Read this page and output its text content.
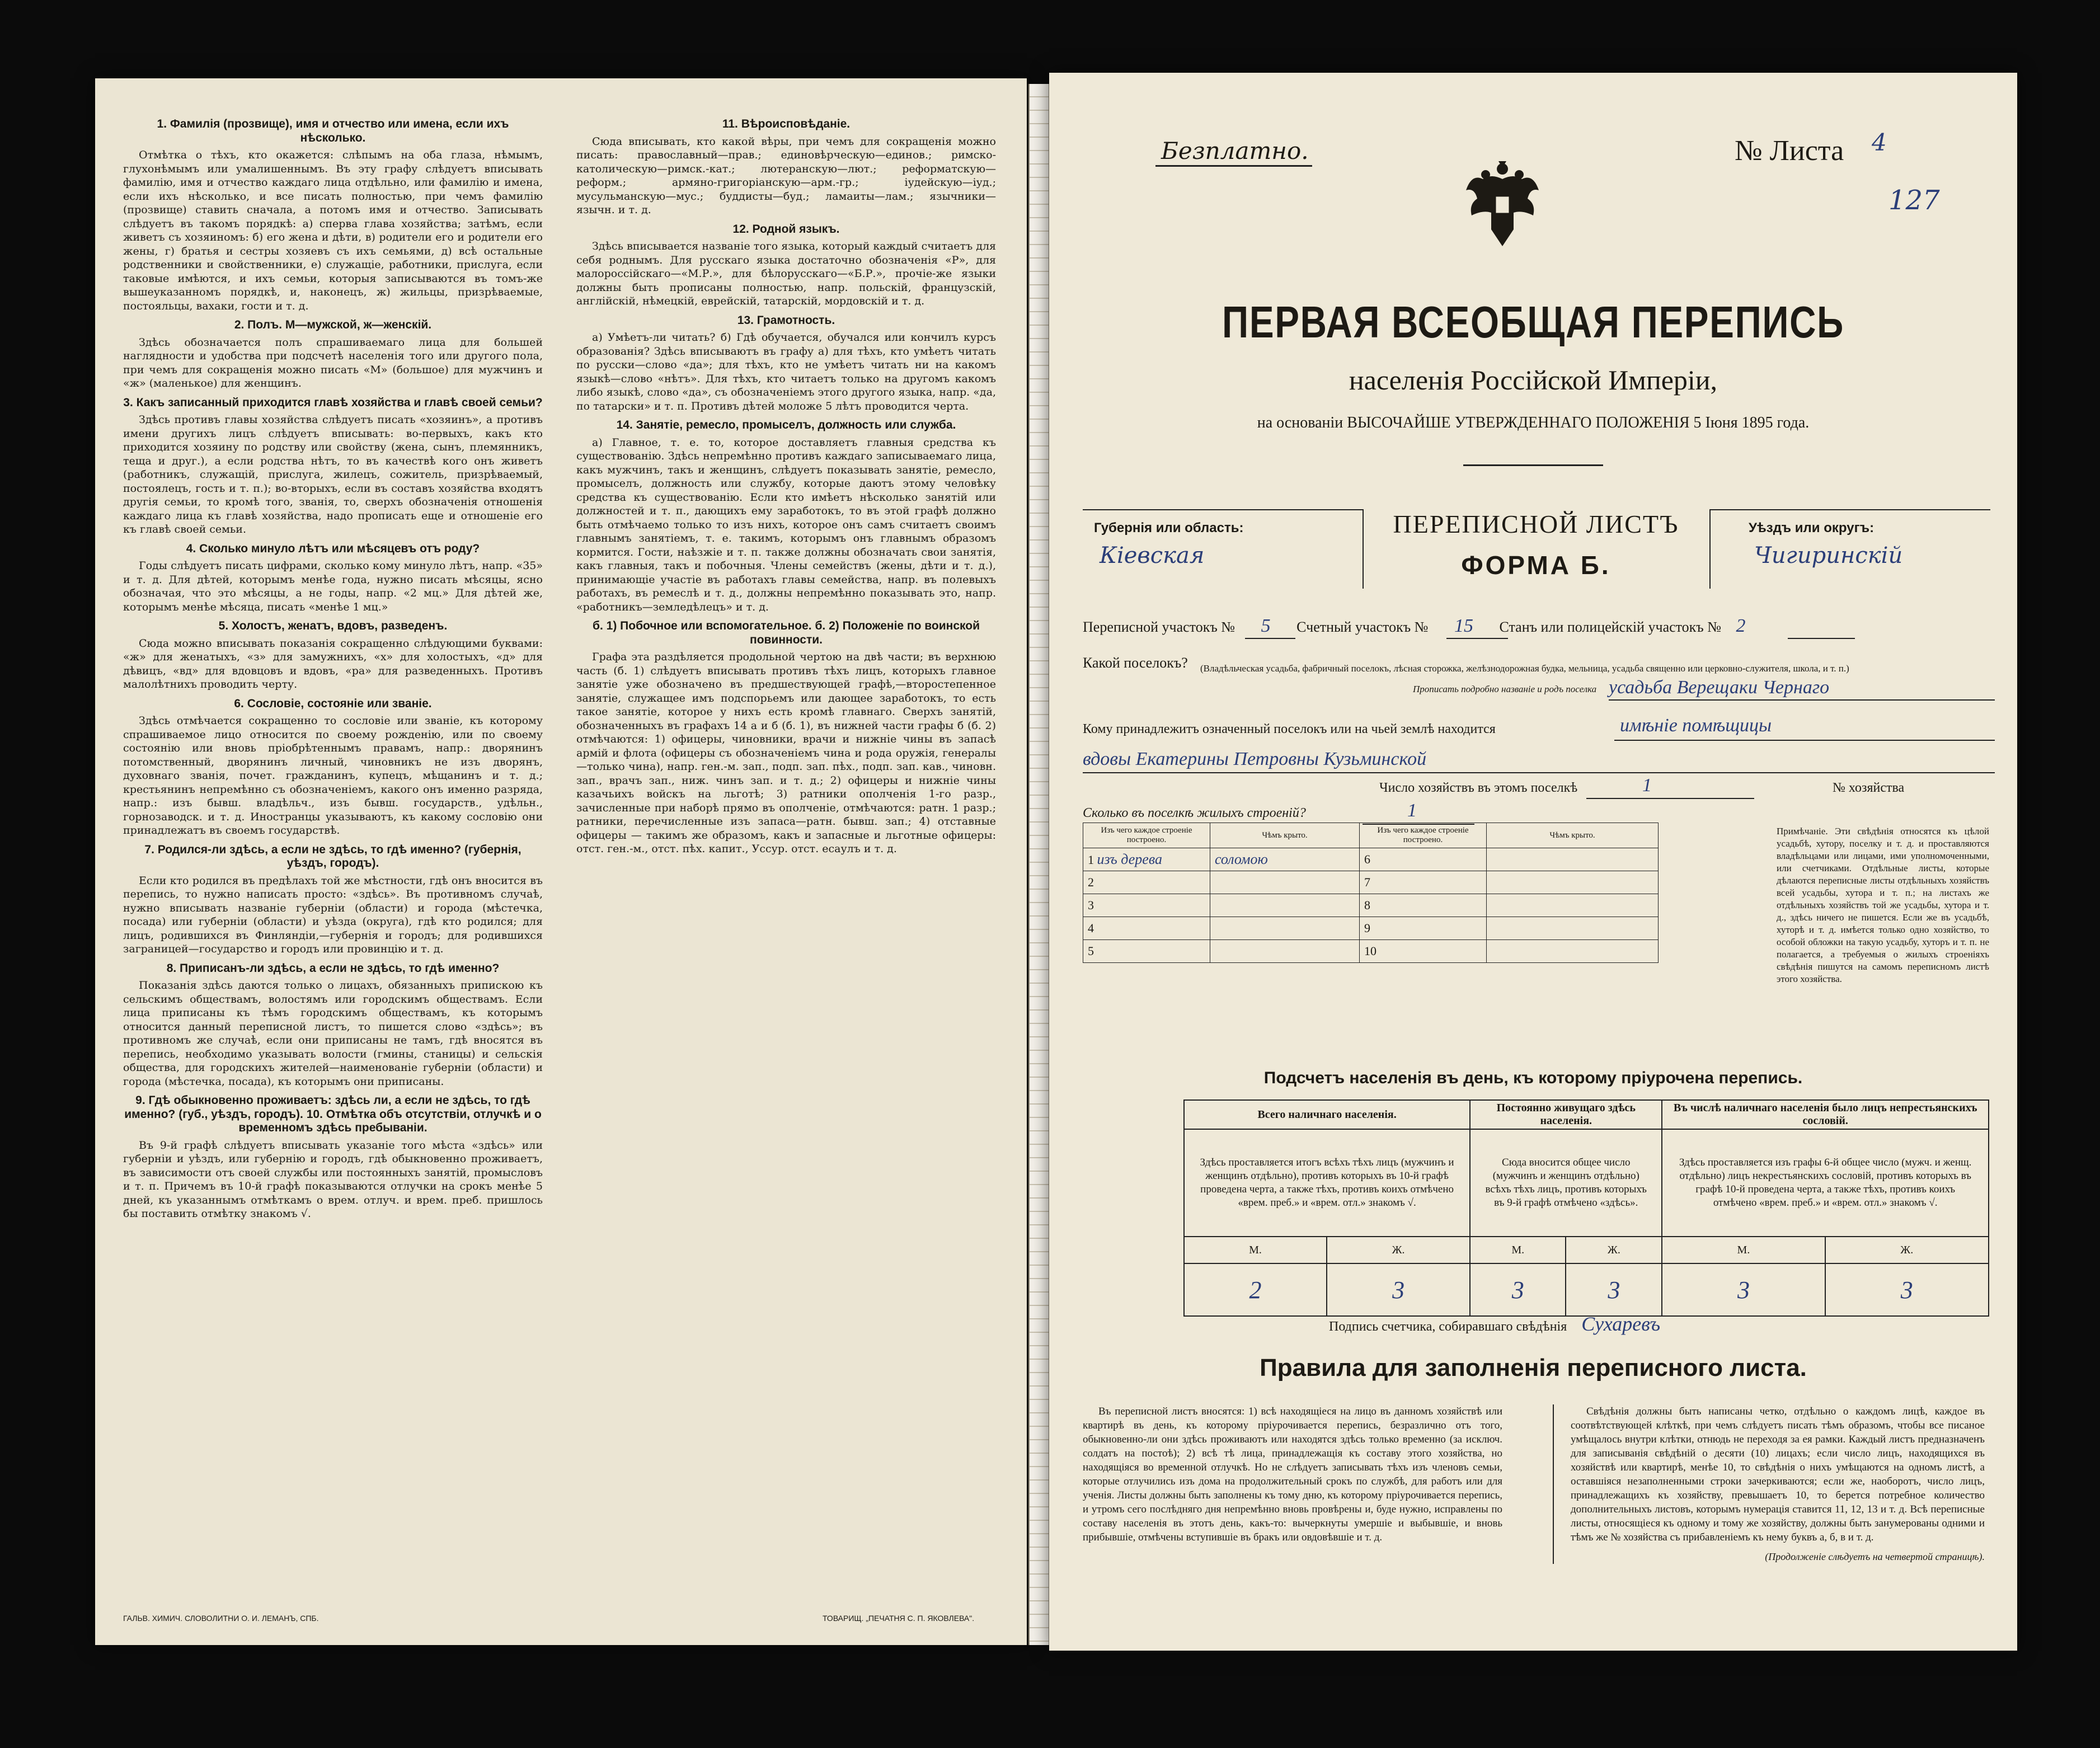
1. Фамилія (прозвище), имя и отчество или имена, если ихъ нѣсколько.

Отмѣтка о тѣхъ, кто окажется: слѣпымъ на оба глаза, нѣмымъ, глухонѣмымъ или умалишеннымъ. Въ эту графу слѣдуетъ вписывать фамилію, имя и отчество каждаго лица отдѣльно, или фамилію и имена, если ихъ нѣсколько, и все писать полностью, при чемъ фамилію (прозвище) ставить сначала, а потомъ имя и отчество. Записывать слѣдуетъ въ такомъ порядкѣ: а) сперва глава хозяйства; затѣмъ, если живетъ съ хозяиномъ: б) его жена и дѣти, в) родители его и родители его жены, г) братья и сестры хозяевъ съ ихъ семьями, д) всѣ остальные родственники и свойственники, е) служащіе, работники, прислуга, если таковые имѣются, и ихъ семьи, которыя записываются въ томъ-же вышеуказанномъ порядкѣ, и, наконецъ, ж) жильцы, призрѣваемые, постояльцы, вахаки, гости и т. д.

2. Полъ. М—мужской, ж—женскій.

Здѣсь обозначается полъ спрашиваемаго лица для большей наглядности и удобства при подсчетѣ населенія того или другого пола, при чемъ для сокращенія можно писать «М» (большое) для мужчинъ и «ж» (маленькое) для женщинъ.

3. Какъ записанный приходится главѣ хозяйства и главѣ своей семьи?

Здѣсь противъ главы хозяйства слѣдуетъ писать «хозяинъ», а противъ имени другихъ лицъ слѣдуетъ вписывать: во-первыхъ, какъ кто приходится хозяину по родству или свойству (жена, сынъ, племянникъ, теща и друг.), а если родства нѣтъ, то въ качествѣ кого онъ живетъ (работникъ, служащій, прислуга, жилецъ, сожитель, призрѣваемый, постоялецъ, гость и т. п.); во-вторыхъ, если въ составъ хозяйства входятъ другія семьи, то кромѣ того, званія, то, сверхъ обозначенія отношенія каждаго лица къ главѣ хозяйства, надо прописать еще и отношеніе его къ главѣ своей семьи.

4. Сколько минуло лѣтъ или мѣсяцевъ отъ роду?

Годы слѣдуетъ писать цифрами, сколько кому минуло лѣтъ, напр. «35» и т. д. Для дѣтей, которымъ менѣе года, нужно писать мѣсяцы, ясно обозначая, что это мѣсяцы, а не годы, напр. «2 мц.» Для дѣтей же, которымъ менѣе мѣсяца, писать «менѣе 1 мц.»

5. Холостъ, женатъ, вдовъ, разведенъ.

Сюда можно вписывать показанія сокращенно слѣдующими буквами: «ж» для женатыхъ, «з» для замужнихъ, «х» для холостыхъ, «д» для дѣвицъ, «вд» для вдовцовъ и вдовъ, «ра» для разведенныхъ. Противъ малолѣтнихъ проводить черту.

6. Сословіе, состояніе или званіе.

Здѣсь отмѣчается сокращенно то сословіе или званіе, къ которому спрашиваемое лицо относится по своему рожденію, или по своему состоянію или вновь пріобрѣтеннымъ правамъ, напр.: дворянинъ потомственный, дворянинъ личный, чиновникъ не изъ дворянъ, духовнаго званія, почет. гражданинъ, купецъ, мѣщанинъ и т. д.; крестьянинъ непремѣнно съ обозначеніемъ, какого онъ именно разряда, напр.: изъ бывш. владѣльч., изъ бывш. государств., удѣльн., горнозаводск. и т. д. Иностранцы указываютъ, къ какому сословію они принадлежатъ въ своемъ государствѣ.

7. Родился-ли здѣсь, а если не здѣсь, то гдѣ именно? (губернія, уѣздъ, городъ).

Если кто родился въ предѣлахъ той же мѣстности, гдѣ онъ вносится въ перепись, то нужно написать просто: «здѣсь». Въ противномъ случаѣ, нужно вписывать названіе губерніи (области) и города (мѣстечка, посада) или губерніи (области) и уѣзда (округа), гдѣ кто родился; для лицъ, родившихся въ Финляндіи,—губернія и городъ; для родившихся заграницей—государство и городъ или провинцію и т. д.

8. Приписанъ-ли здѣсь, а если не здѣсь, то гдѣ именно?

Показанія здѣсь даются только о лицахъ, обязанныхъ припискою къ сельскимъ обществамъ, волостямъ или городскимъ обществамъ. Если лица приписаны къ тѣмъ городскимъ обществамъ, къ которымъ относится данный переписной листъ, то пишется слово «здѣсь»; въ противномъ же случаѣ, если они приписаны не тамъ, гдѣ вносятся въ перепись, необходимо указывать волости (гмины, станицы) и сельскія общества, для городскихъ жителей—наименованіе губерніи (области) и города (мѣстечка, посада), къ которымъ они приписаны.

9. Гдѣ обыкновенно проживаетъ: здѣсь ли, а если не здѣсь, то гдѣ именно? (губ., уѣздъ, городъ). 10. Отмѣтка объ отсутствіи, отлучкѣ и о временномъ здѣсь пребываніи.

Въ 9-й графѣ слѣдуетъ вписывать указаніе того мѣста «здѣсь» или губерніи и уѣздъ, или губернію и городъ, гдѣ обыкновенно проживаетъ, въ зависимости отъ своей службы или постоянныхъ занятій, промысловъ и т. п. Причемъ въ 10-й графѣ показываются отлучки на срокъ менѣе 5 дней, къ указаннымъ отмѣткамъ о врем. отлуч. и врем. преб. пришлось бы поставить отмѣтку знакомъ √.

11. Вѣроисповѣданіе.

Сюда вписывать, кто какой вѣры, при чемъ для сокращенія можно писать: православный—прав.; единовѣрческую—единов.; римско-католическую—римск.-кат.; лютеранскую—лют.; реформатскую—реформ.; армяно-григоріанскую—арм.-гр.; іудейскую—іуд.; мусульманскую—мус.; буддисты—буд.; ламаиты—лам.; язычники—язычн. и т. д.

12. Родной языкъ.

Здѣсь вписывается названіе того языка, который каждый считаетъ для себя роднымъ. Для русскаго языка достаточно обозначенія «Р», для малороссійскаго—«М.Р.», для бѣлорусскаго—«Б.Р.», прочіе-же языки должны быть прописаны полностью, напр. польскій, французскій, англійскій, нѣмецкій, еврейскій, татарскій, мордовскій и т. д.

13. Грамотность.

а) Умѣетъ-ли читать? б) Гдѣ обучается, обучался или кончилъ курсъ образованія? Здѣсь вписываютъ въ графу а) для тѣхъ, кто умѣетъ читать по русски—слово «да»; для тѣхъ, кто не умѣетъ читать ни на какомъ языкѣ—слово «нѣтъ». Для тѣхъ, кто читаетъ только на другомъ какомъ либо языкѣ, слово «да», съ обозначеніемъ этого другого языка, напр. «да, по татарски» и т. п. Противъ дѣтей моложе 5 лѣтъ проводится черта.

14. Занятіе, ремесло, промыселъ, должность или служба.

а) Главное, т. е. то, которое доставляетъ главныя средства къ существованію. Здѣсь непремѣнно противъ каждаго записываемаго лица, какъ мужчинъ, такъ и женщинъ, слѣдуетъ показывать занятіе, ремесло, промыселъ, должность или службу, которые даютъ этому человѣку средства къ существованію. Если кто имѣетъ нѣсколько занятій или должностей и т. п., дающихъ ему заработокъ, то въ этой графѣ должно быть отмѣчаемо только то изъ нихъ, которое онъ самъ считаетъ своимъ главнымъ занятіемъ, т. е. такимъ, которымъ онъ главнымъ образомъ кормится. Гости, наѣзжіе и т. п. также должны обозначать свои занятія, какъ главныя, такъ и побочныя. Члены семействъ (жены, дѣти и т. д.), принимающіе участіе въ работахъ главы семейства, напр. въ полевыхъ работахъ, въ ремеслѣ и т. д., должны непремѣнно показывать это, напр. «работникъ—земледѣлецъ» и т. д.

б. 1) Побочное или вспомогательное. б. 2) Положеніе по воинской повинности.

Графа эта раздѣляется продольной чертою на двѣ части; въ верхнюю часть (б. 1) слѣдуетъ вписывать противъ тѣхъ лицъ, которыхъ главное занятіе уже обозначено въ предшествующей графѣ,—второстепенное занятіе, служащее имъ подспорьемъ или дающее заработокъ, то есть такое занятіе, которое у нихъ есть кромѣ главнаго. Сверхъ занятій, обозначенныхъ въ графахъ 14 а и б (б. 1), въ нижней части графы б (б. 2) отмѣчаются: 1) офицеры, чиновники, врачи и нижніе чины въ запасѣ армій и флота (офицеры съ обозначеніемъ чина и рода оружія, генералы—только чина), напр. ген.-м. зап., подп. зап. пѣх., подп. зап. кав., чиновн. зап., врачъ зап., ниж. чинъ зап. и т. д.; 2) офицеры и нижніе чины казачьихъ войскъ на льготѣ; 3) ратники ополченія 1-го разр., зачисленные при наборѣ прямо въ ополченіе, отмѣчаются: ратн. 1 разр.; ратники, перечисленные изъ запаса—ратн. бывш. зап.; 4) отставные офицеры — такимъ же образомъ, какъ и запасные и льготные офицеры: отст. ген.-м., отст. пѣх. капит., Уссур. отст. есаулъ и т. д.

ГАЛЬВ. ХИМИЧ. СЛОВОЛИТНИ О. И. ЛЕМАНЪ, СПБ.	ТОВАРИЩ. „ПЕЧАТНЯ С. П. ЯКОВЛЕВА".
Безплатно.	№ Листа 4
127
ПЕРВАЯ ВСЕОБЩАЯ ПЕРЕПИСЬ
населенія Россійской Имперіи,
на основаніи ВЫСОЧАЙШЕ УТВЕРЖДЕННАГО ПОЛОЖЕНІЯ 5 Іюня 1895 года.
Губернія или область:
Кіевская
ПЕРЕПИСНОЙ ЛИСТЪ
ФОРМА Б.
Уѣздъ или округъ:
Чигиринскій
Переписной участокъ № 5 Счетный участокъ № 15 Станъ или полицейскій участокъ № 2
Какой поселокъ? (Владѣльческая усадьба, фабричный поселокъ, лѣсная сторожка, желѣзнодорожная будка, мельница, усадьба священно или церковно-служителя, школа, и т. п.)
Прописать подробно названіе и родъ поселка усадьба Верещаки Чернаго
Кому принадлежитъ означенный поселокъ или на чьей землѣ находится	имѣніе помѣщицы
вдовы Екатерины Петровны Кузьминской
Число хозяйствъ въ этомъ поселкѣ	1	№ хозяйства
Сколько въ поселкѣ жилыхъ строеній?	1
Изъ чего каждое строеніе построено.	Чѣмъ крыто.	Изъ чего каждое строеніе построено.	Чѣмъ крыто.
1 изъ дерева	соломою	6	
2		7	
3		8	
4		9	
5		10	
Примѣчаніе. Эти свѣдѣнія относятся къ цѣлой усадьбѣ, хутору, поселку и т. д. и проставляются владѣльцами или лицами, ими уполномоченными, или счетчиками. Отдѣльные листы, которые дѣлаются переписные листы отдѣльныхъ хозяйствъ всей усадьбы, хутора и т. п.; на листахъ же отдѣльныхъ хозяйствъ той же усадьбы, хутора и т. д., здѣсь ничего не пишется. Если же въ усадьбѣ, хуторѣ и т. д. имѣется только одно хозяйство, то особой обложки на такую усадьбу, хуторъ и т. п. не полагается, а требуемыя о жилыхъ строеніяхъ свѣдѣнія пишутся на самомъ переписномъ листѣ этого хозяйства.
Подсчетъ населенія въ день, къ которому пріурочена перепись.
Всего наличнаго населенія.		Постоянно живущаго здѣсь населенія.		Въ числѣ наличнаго населенія было лицъ непрестьянскихъ сословій.	
Здѣсь проставляется итогъ всѣхъ тѣхъ лицъ (мужчинъ и женщинъ отдѣльно), противъ которыхъ въ 10-й графѣ проведена черта, а также тѣхъ, противъ коихъ отмѣчено «врем. преб.» и «врем. отл.» знакомъ √.		Сюда вносится общее число (мужчинъ и женщинъ отдѣльно) всѣхъ тѣхъ лицъ, противъ которыхъ въ 9-й графѣ отмѣчено «здѣсь».		Здѣсь проставляется изъ графы 6-й общее число (мужч. и женщ. отдѣльно) лицъ некрестьянскихъ сословій, противъ которыхъ въ графѣ 10-й проведена черта, а также тѣхъ, противъ коихъ отмѣчено «врем. преб.» и «врем. отл.» знакомъ √.	
М.	Ж.	М.	Ж.	М.	Ж.
2	3	3	3	3	3
Подпись счетчика, собиравшаго свѣдѣнія Сухаревъ
Правила для заполненія переписного листа.

Въ переписной листъ вносятся: 1) всѣ находящіеся на лицо въ данномъ хозяйствѣ или квартирѣ въ день, къ которому пріурочивается перепись, безразлично отъ того, обыкновенно-ли они здѣсь проживаютъ или находятся здѣсь только временно (за исключ. солдатъ на постоѣ); 2) всѣ тѣ лица, принадлежащія къ составу этого хозяйства, но находящіяся во временной отлучкѣ. Но не слѣдуетъ записывать тѣхъ изъ членовъ семьи, которые отлучились изъ дома на продолжительный срокъ по службѣ, для работъ или для ученія. Листы должны быть заполнены къ тому дню, къ которому пріурочивается перепись, и утромъ сего послѣдняго дня непремѣнно вновь провѣрены и, буде нужно, исправлены по составу населенія въ этотъ день, какъ-то: вычеркнуты умершіе и выбывшіе, и вновь прибывшіе, отмѣчены вступившіе въ бракъ или овдовѣвшіе и т. д.

Свѣдѣнія должны быть написаны четко, отдѣльно о каждомъ лицѣ, каждое въ соотвѣтствующей клѣткѣ, при чемъ слѣдуетъ писать тѣмъ образомъ, чтобы все писаное умѣщалось внутри клѣтки, отнюдь не переходя за ея рамки. Каждый листъ предназначенъ для записыванія свѣдѣній о десяти (10) лицахъ; если число лицъ, находящихся въ хозяйствѣ или квартирѣ, менѣе 10, то свѣдѣнія о нихъ умѣщаются на одномъ листѣ, а оставшіяся незаполненными строки зачеркиваются; если же, наоборотъ, число лицъ, принадлежащихъ къ хозяйству, превышаетъ 10, то берется потребное количество дополнительныхъ листовъ, которымъ нумерація ставится 11, 12, 13 и т. д. Всѣ переписные листы, относящіеся къ одному и тому же хозяйству, должны быть занумерованы одними и тѣмъ же № хозяйства съ прибавленіемъ къ нему буквъ а, б, в и т. д.

(Продолженіе слѣдуетъ на четвертой страницѣ).
